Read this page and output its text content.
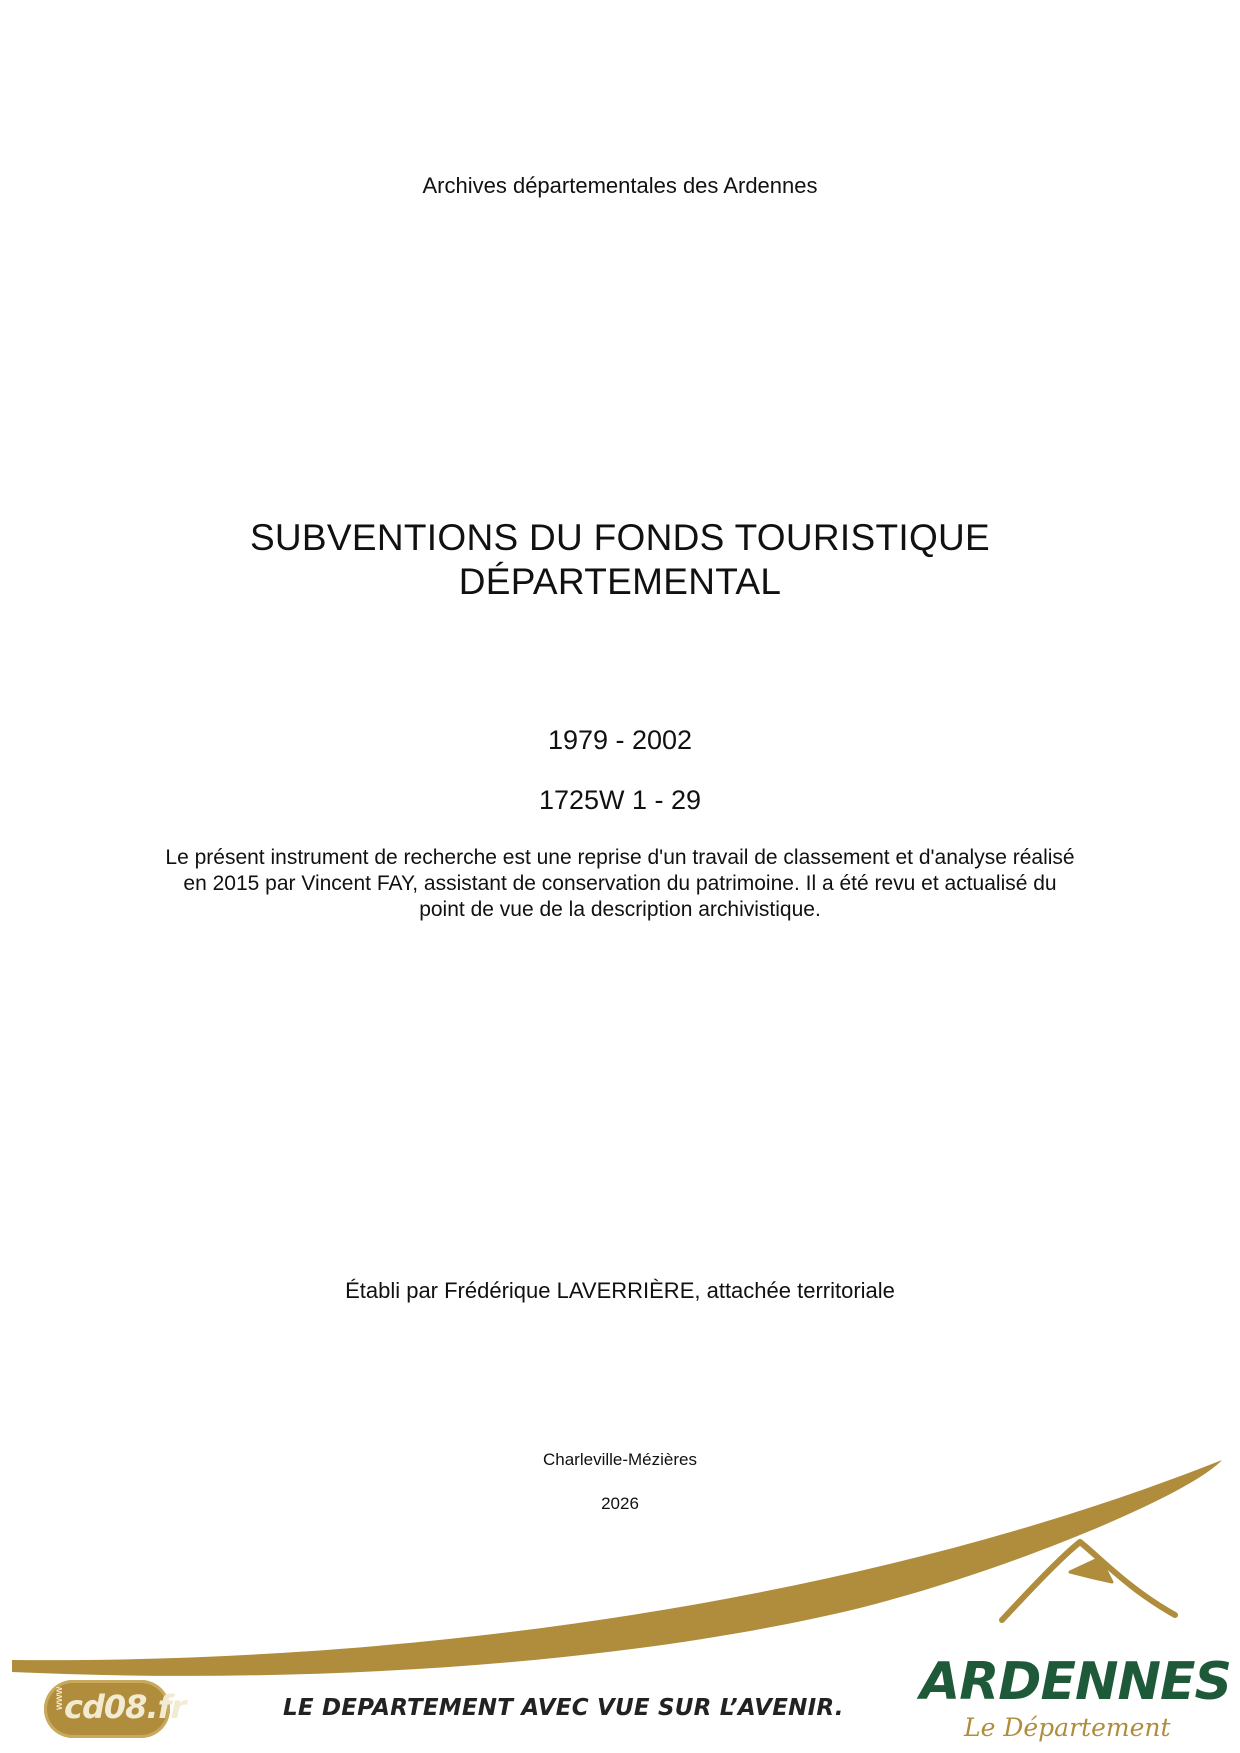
Archives départementales des Ardennes

SUBVENTIONS DU FONDS TOURISTIQUE
DÉPARTEMENTAL

1979 - 2002

1725W 1 - 29

Le présent instrument de recherche est une reprise d'un travail de classement et d'analyse réalisé en 2015 par Vincent FAY, assistant de conservation du patrimoine. Il a été revu et actualisé du point de vue de la description archivistique.

Établi par Frédérique LAVERRIÈRE, attachée territoriale

Charleville-Mézières

2026

www cd08.fr	LE DEPARTEMENT AVEC VUE SUR L’AVENIR. ARDENNES
Le Département
